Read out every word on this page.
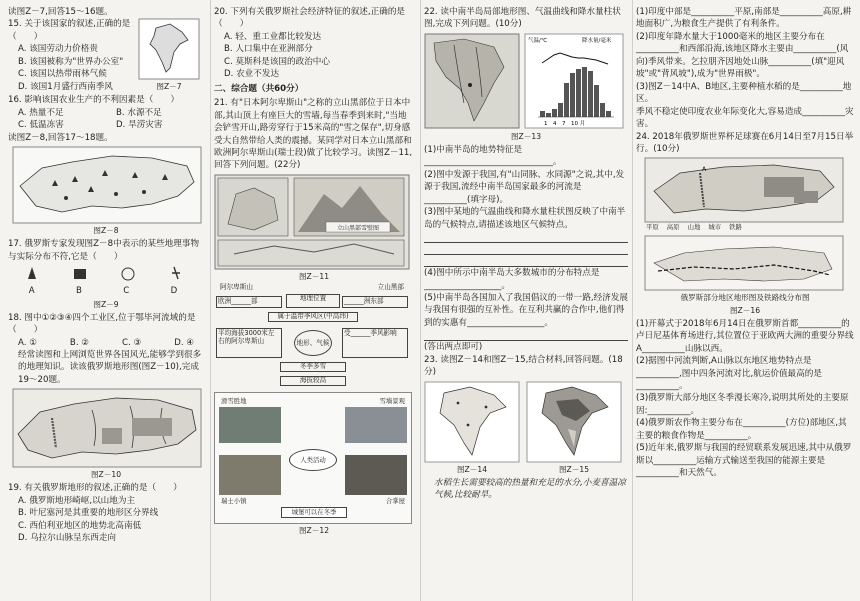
读图Z－7,回答15～16题。

15. 关于该国家的叙述,正确的是（　　）

A. 该国劳动力价格贵

B. 该国被称为"世界办公室"

C. 该国以热带雨林气候

D. 该国1月盛行西南季风	图Z－7

16. 影响该国农业生产的不利因素是（　　）

A. 热量不足	B. 水源不足

C. 低温冻害	D. 旱涝灾害

读图Z－8,回答17～18题。

图Z－8

17. 俄罗斯专家发现图Z－8中表示的某些地理事物与实际分布不符,它是（　　）

A	B	C	D

图Z－9

18. 图中①②③④四个工业区,位于鄂毕河流域的是（　　）

A. ①	B. ②	C. ③	D. ④

经常读图和上网浏览世界各国风光,能够学到很多的地理知识。读该俄罗斯地形图(图Z－10),完成19～20题。

图Z－10

19. 有关俄罗斯地形的叙述,正确的是（　　）

A. 俄罗斯地形崎岖,以山地为主

B. 叶尼塞河是其重要的地形区分界线

C. 西伯利亚地区的地势北高南低

D. 乌拉尔山脉呈东西走向

20. 下列有关俄罗斯社会经济特征的叙述,正确的是（　　）

A. 轻、重工业都比较发达

B. 人口集中在亚洲部分

C. 莫斯科是该国的政治中心

D. 农业不发达

二、综合题（共60分）

21. 有"日本阿尔卑斯山"之称的立山黑部位于日本中部,其山顶上有座巨大的雪墙,每当春季到来时,"当地会铲雪开山,路旁穿行于15米高的"雪之保存",切身感受大自然带给人类的震撼。某同学对日本立山黑部和欧洲阿尔卑斯山(瑞士段)做了比较学习。读图Z－11,回答下列问题。(22分)

立山黑部雪壁图

图Z－11

阿尔卑斯山	立山黑部
地理位置
欧洲______部	______洲东部
属于温带季风区(中高纬)
平均海拔3000米左右的阿尔卑斯山
受______季风影响
地形、气候
冬季多雪
海拔较高
滑雪胜地	雪墙景观
人类活动
瑞士小镇	合掌屋
城堡可以在冬季

图Z－12

22. 读中南半岛局部地形图、气温曲线和降水量柱状图,完成下列问题。(10分)

气温/℃	降水量/毫米
1　4　7　10 月

图Z－13

(1)中南半岛的地势特征是______________________________。

(2)图中发源于我国,有"山同脉、水同源"之说,其中,发源于我国,流经中南半岛国家最多的河流是__________(填字母)。

(3)图中某地的气温曲线和降水量柱状图反映了中南半岛的气候特点,请描述该地区气候特点。

(4)图中所示中南半岛大多数城市的分布特点是__________________。

(5)中南半岛各国加入了我国倡议的一带一路,经济发展与我国有很强的互补性。在互利共赢的合作中,他们得到的实惠有__________________。

(答出两点即可)

23. 读图Z－14和图Z－15,结合材料,回答问题。(18分)

图Z－14	图Z－15

水稻生长需要较高的热量和充足的水分,小麦喜温凉气候,比较耐旱。

(1)印度中部是__________平原,南部是__________高原,耕地面积广,为粮食生产提供了有利条件。

(2)印度年降水量大于1000毫米的地区主要分布在__________和西部沿海,该地区降水主要由__________(风向)季风带来。乞拉朋齐因地处山脉__________(填"迎风坡"或"背风坡"),成为"世界雨极"。

(3)图Z－14中A、B地区,主要种植水稻的是__________地区。

季风不稳定使印度农业年际变化大,容易造成__________灾害。

24. 2018年俄罗斯世界杯足球赛在6月14日至7月15日举行。(10分)

A
平原 高原 山地 城市 铁路

俄罗斯部分地区地形图及铁路线分布图

图Z－16

(1)开幕式于2018年6月14日在俄罗斯首都__________的卢日尼基体育场进行,其位置位于亚欧两大洲的重要分界线A__________山脉以西。

(2)据图中河流判断,A山脉以东地区地势特点是__________,图中四条河流对比,航运价值最高的是__________。

(3)俄罗斯大部分地区冬季漫长寒冷,说明其所处的主要原因:__________。

(4)俄罗斯农作物主要分布在__________(方位)部地区,其主要的粮食作物是__________。

(5)近年来,俄罗斯与我国的经贸联系发展迅速,其中从俄罗斯以__________运输方式输送至我国的能源主要是__________和天然气。
